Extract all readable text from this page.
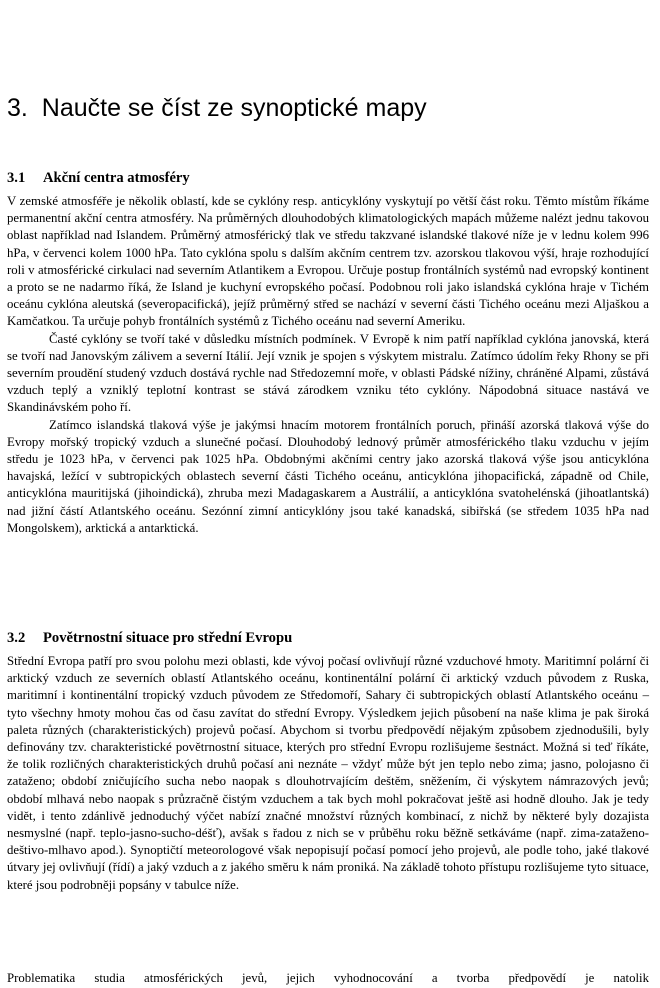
3. Naučte se číst ze synoptické mapy
3.1 Akční centra atmosféry

V zemské atmosféře je několik oblastí, kde se cyklóny resp. anticyklóny vyskytují po větší část roku. Těmto místům říkáme permanentní akční centra atmosféry. Na průměrných dlouhodobých klimatologických mapách můžeme nalézt jednu takovou oblast například nad Islandem. Průměrný atmosférický tlak ve středu takzvané islandské tlakové níže je v lednu kolem 996 hPa, v červenci kolem 1000 hPa. Tato cyklóna spolu s dalším akčním centrem tzv. azorskou tlakovou výší, hraje rozhodující roli v atmosférické cirkulaci nad severním Atlantikem a Evropou. Určuje postup frontálních systémů nad evropský kontinent a proto se ne nadarmo říká, že Island je kuchyní evropského počasí. Podobnou roli jako islandská cyklóna hraje v Tichém oceánu cyklóna aleutská (severopacifická), jejíž průměrný střed se nachází v severní části Tichého oceánu mezi Aljaškou a Kamčatkou. Ta určuje pohyb frontálních systémů z Tichého oceánu nad severní Ameriku.

Časté cyklóny se tvoří také v důsledku místních podmínek. V Evropě k nim patří například cyklóna janovská, která se tvoří nad Janovským zálivem a severní Itálií. Její vznik je spojen s výskytem mistralu. Zatímco údolím řeky Rhony se při severním proudění studený vzduch dostává rychle nad Středozemní moře, v oblasti Pádské nížiny, chráněné Alpami, zůstává vzduch teplý a vzniklý teplotní kontrast se stává zárodkem vzniku této cyklóny. Nápodobná situace nastává ve Skandinávském poho ří.

Zatímco islandská tlaková výše je jakýmsi hnacím motorem frontálních poruch, přináší azorská tlaková výše do Evropy mořský tropický vzduch a slunečné počasí. Dlouhodobý lednový průměr atmosférického tlaku vzduchu v jejím středu je 1023 hPa, v červenci pak 1025 hPa. Obdobnými akčními centry jako azorská tlaková výše jsou anticyklóna havajská, ležící v subtropických oblastech severní části Tichého oceánu, anticyklóna jihopacifická, západně od Chile, anticyklóna mauritijská (jihoindická), zhruba mezi Madagaskarem a Austrálií, a anticyklóna svatohelénská (jihoatlantská) nad jižní částí Atlantského oceánu. Sezónní zimní anticyklóny jsou také kanadská, sibiřská (se středem 1035 hPa nad Mongolskem), arktická a antarktická.

3.2 Povětrnostní situace pro střední Evropu

Střední Evropa patří pro svou polohu mezi oblasti, kde vývoj počasí ovlivňují různé vzduchové hmoty. Maritimní polární či arktický vzduch ze severních oblastí Atlantského oceánu, kontinentální polární či arktický vzduch původem z Ruska, maritimní i kontinentální tropický vzduch původem ze Středomoří, Sahary či subtropických oblastí Atlantského oceánu – tyto všechny hmoty mohou čas od času zavítat do střední Evropy. Výsledkem jejich působení na naše klima je pak široká paleta různých (charakteristických) projevů počasí. Abychom si tvorbu předpovědí nějakým způsobem zjednodušili, byly definovány tzv. charakteristické povětrnostní situace, kterých pro střední Evropu rozlišujeme šestnáct. Možná si teď říkáte, že tolik rozličných charakteristických druhů počasí ani neznáte – vždyť může být jen teplo nebo zima; jasno, polojasno či zataženo; období zničujícího sucha nebo naopak s dlouhotrvajícím deštěm, sněžením, či výskytem námrazových jevů; období mlhavá nebo naopak s průzračně čistým vzduchem a tak bych mohl pokračovat ještě asi hodně dlouho. Jak je tedy vidět, i tento zdánlivě jednoduchý výčet nabízí značné množství různých kombinací, z nichž by některé byly dozajista nesmyslné (např. teplo-jasno-sucho-déšť), avšak s řadou z nich se v průběhu roku běžně setkáváme (např. zima-zataženo-deštivo-mlhavo apod.). Synoptičtí meteorologové však nepopisují počasí pomocí jeho projevů, ale podle toho, jaké tlakové útvary jej ovlivňují (řídí) a jaký vzduch a z jakého směru k nám proniká. Na základě tohoto přístupu rozlišujeme tyto situace, které jsou podrobněji popsány v tabulce níže.

Problematika studia atmosférických jevů, jejich vyhodnocování a tvorba předpovědí je natolik
